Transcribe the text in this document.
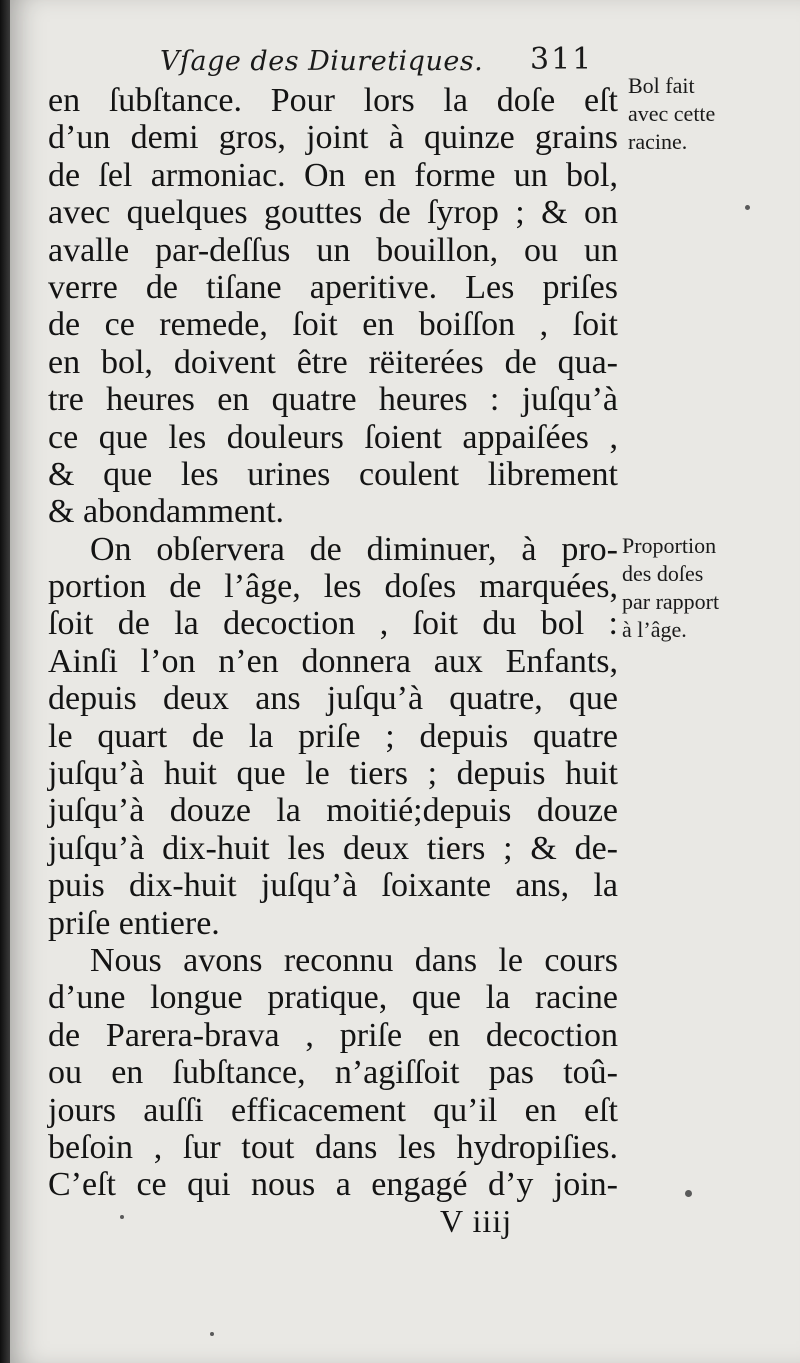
Vſage des Diuretiques. 311
en ſubſtance. Pour lors la doſe eſt
d’un demi gros, joint à quinze grains
de ſel armoniac. On en forme un bol,
avec quelques gouttes de ſyrop ; & on
avalle par-deſſus un bouillon, ou un
verre de tiſane aperitive. Les priſes
de ce remede, ſoit en boiſſon , ſoit
en bol, doivent être rëiterées de qua-
tre heures en quatre heures : juſqu’à
ce que les douleurs ſoient appaiſées ,
& que les urines coulent librement
& abondamment.
On obſervera de diminuer, à pro-
portion de l’âge, les doſes marquées,
ſoit de la decoction , ſoit du bol :
Ainſi l’on n’en donnera aux Enfants,
depuis deux ans juſqu’à quatre, que
le quart de la priſe ; depuis quatre
juſqu’à huit que le tiers ; depuis huit
juſqu’à douze la moitié;depuis douze
juſqu’à dix-huit les deux tiers ; & de-
puis dix-huit juſqu’à ſoixante ans, la
priſe entiere.
Nous avons reconnu dans le cours
d’une longue pratique, que la racine
de Parera-brava , priſe en decoction
ou en ſubſtance, n’agiſſoit pas toû-
jours auſſi efficacement qu’il en eſt
beſoin , ſur tout dans les hydropiſies.
C’eſt ce qui nous a engagé d’y join-
Bol fait
avec cette
racine.
Proportion
des doſes
par rapport
à l’âge.
V iiij
